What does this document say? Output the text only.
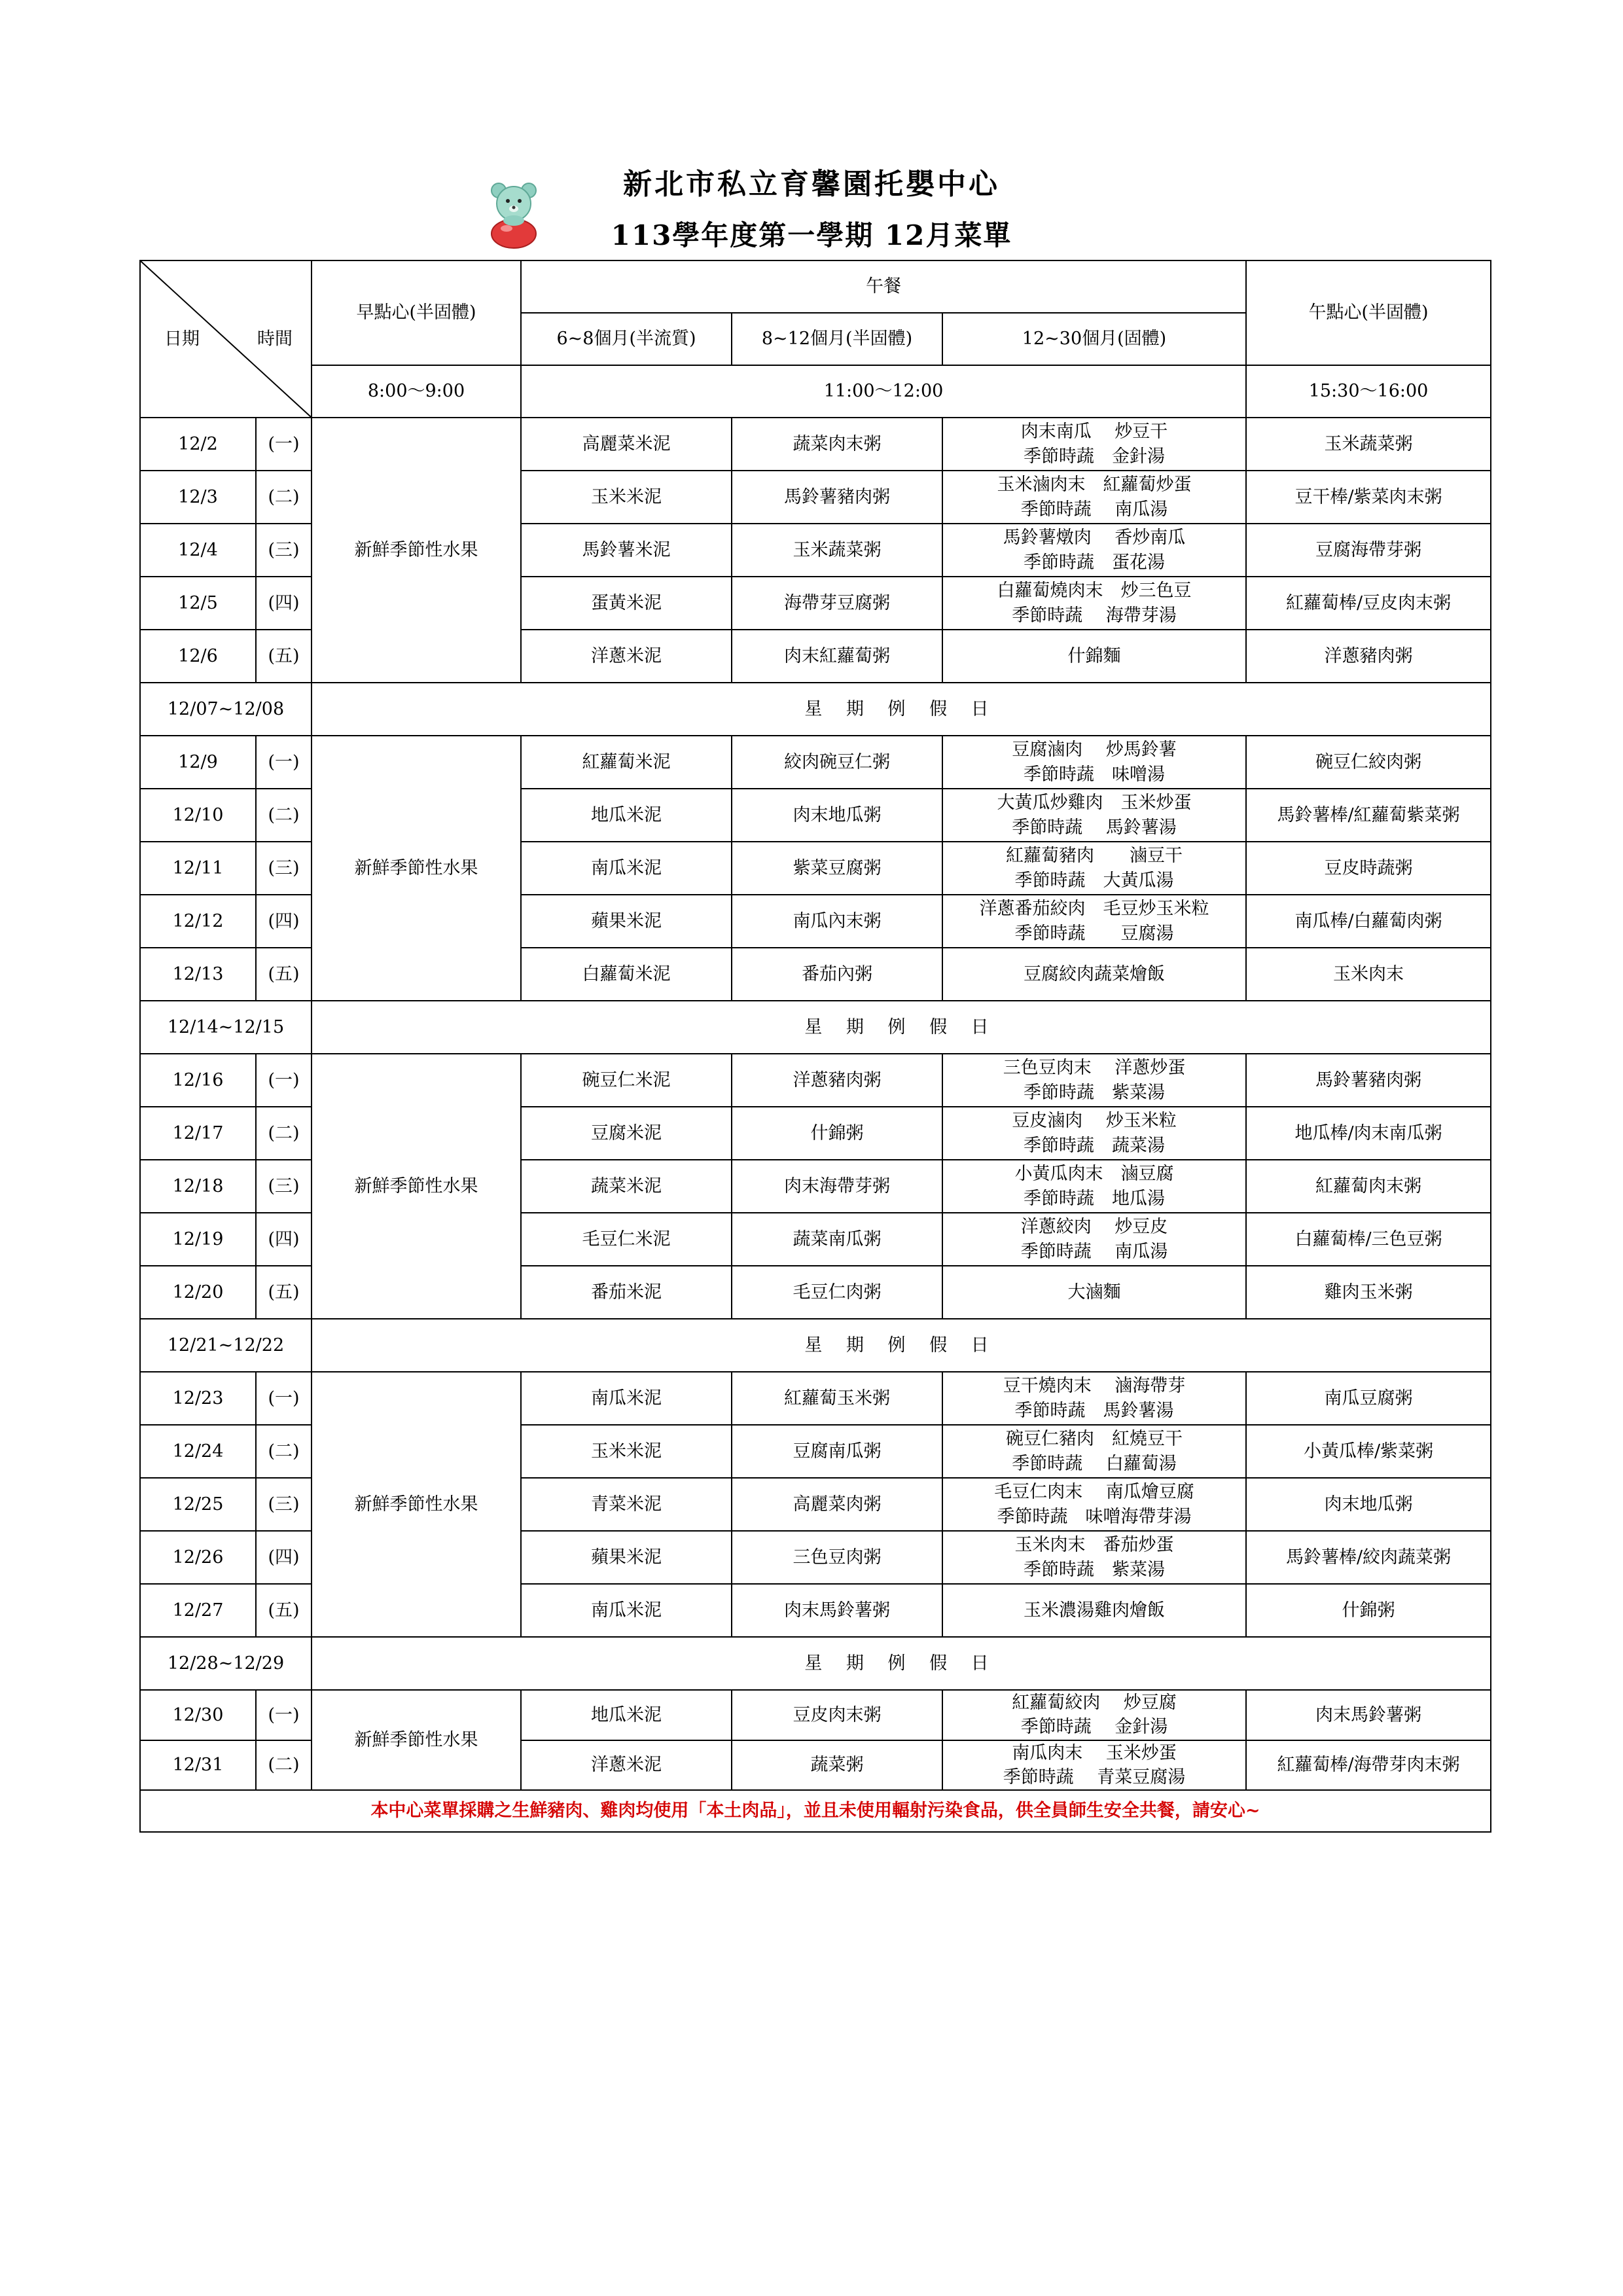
新北市私立育馨園托嬰中心
113學年度第一學期 12月菜單
日期 時間		早點心(半固體)	午餐			午點心(半固體)
			6~8個月(半流質)	8~12個月(半固體)	12~30個月(固體)	
		8:00～9:00	11:00～12:00			15:30～16:00
12/2	(一)	新鮮季節性水果	高麗菜米泥	蔬菜肉末粥	肉末南瓜　 炒豆干
季節時蔬　金針湯	玉米蔬菜粥
12/3	(二)		玉米米泥	馬鈴薯豬肉粥	玉米滷肉末　紅蘿蔔炒蛋
季節時蔬　 南瓜湯	豆干棒/紫菜肉末粥
12/4	(三)		馬鈴薯米泥	玉米蔬菜粥	馬鈴薯燉肉　 香炒南瓜
季節時蔬　蛋花湯	豆腐海帶芽粥
12/5	(四)		蛋黃米泥	海帶芽豆腐粥	白蘿蔔燒肉末　炒三色豆
季節時蔬　 海帶芽湯	紅蘿蔔棒/豆皮肉末粥
12/6	(五)		洋蔥米泥	肉末紅蘿蔔粥	什錦麵	洋蔥豬肉粥
12/07~12/08		星 期 例 假 日				
12/9	(一)	新鮮季節性水果	紅蘿蔔米泥	絞肉碗豆仁粥	豆腐滷肉　 炒馬鈴薯
季節時蔬　味噌湯	碗豆仁絞肉粥
12/10	(二)		地瓜米泥	肉末地瓜粥	大黃瓜炒雞肉　玉米炒蛋
季節時蔬　 馬鈴薯湯	馬鈴薯棒/紅蘿蔔紫菜粥
12/11	(三)		南瓜米泥	紫菜豆腐粥	紅蘿蔔豬肉　　滷豆干
季節時蔬　大黃瓜湯	豆皮時蔬粥
12/12	(四)		蘋果米泥	南瓜內末粥	洋蔥番茄絞肉　毛豆炒玉米粒
季節時蔬　　豆腐湯	南瓜棒/白蘿蔔肉粥
12/13	(五)		白蘿蔔米泥	番茄內粥	豆腐絞肉蔬菜燴飯	玉米肉末
12/14~12/15		星 期 例 假 日				
12/16	(一)	新鮮季節性水果	碗豆仁米泥	洋蔥豬肉粥	三色豆肉末　 洋蔥炒蛋
季節時蔬　紫菜湯	馬鈴薯豬肉粥
12/17	(二)		豆腐米泥	什錦粥	豆皮滷肉　 炒玉米粒
季節時蔬　蔬菜湯	地瓜棒/肉末南瓜粥
12/18	(三)		蔬菜米泥	肉末海帶芽粥	小黃瓜肉末　滷豆腐
季節時蔬　地瓜湯	紅蘿蔔肉末粥
12/19	(四)		毛豆仁米泥	蔬菜南瓜粥	洋蔥絞肉　 炒豆皮
季節時蔬　 南瓜湯	白蘿蔔棒/三色豆粥
12/20	(五)		番茄米泥	毛豆仁肉粥	大滷麵	雞肉玉米粥
12/21~12/22		星 期 例 假 日				
12/23	(一)	新鮮季節性水果	南瓜米泥	紅蘿蔔玉米粥	豆干燒肉末　 滷海帶芽
季節時蔬　馬鈴薯湯	南瓜豆腐粥
12/24	(二)		玉米米泥	豆腐南瓜粥	碗豆仁豬肉　紅燒豆干
季節時蔬　 白蘿蔔湯	小黃瓜棒/紫菜粥
12/25	(三)		青菜米泥	高麗菜肉粥	毛豆仁肉末　 南瓜燴豆腐
季節時蔬　味噌海帶芽湯	肉末地瓜粥
12/26	(四)		蘋果米泥	三色豆肉粥	玉米肉末　番茄炒蛋
季節時蔬　紫菜湯	馬鈴薯棒/絞肉蔬菜粥
12/27	(五)		南瓜米泥	肉末馬鈴薯粥	玉米濃湯雞肉燴飯	什錦粥
12/28~12/29		星 期 例 假 日				
12/30	(一)	新鮮季節性水果	地瓜米泥	豆皮肉末粥	紅蘿蔔絞肉　 炒豆腐
季節時蔬　 金針湯	肉末馬鈴薯粥
12/31	(二)		洋蔥米泥	蔬菜粥	南瓜肉末　 玉米炒蛋
季節時蔬　 青菜豆腐湯	紅蘿蔔棒/海帶芽肉末粥
本中心菜單採購之生鮮豬肉、雞肉均使用「本土肉品」，並且未使用輻射污染食品，供全員師生安全共餐，請安心~						
